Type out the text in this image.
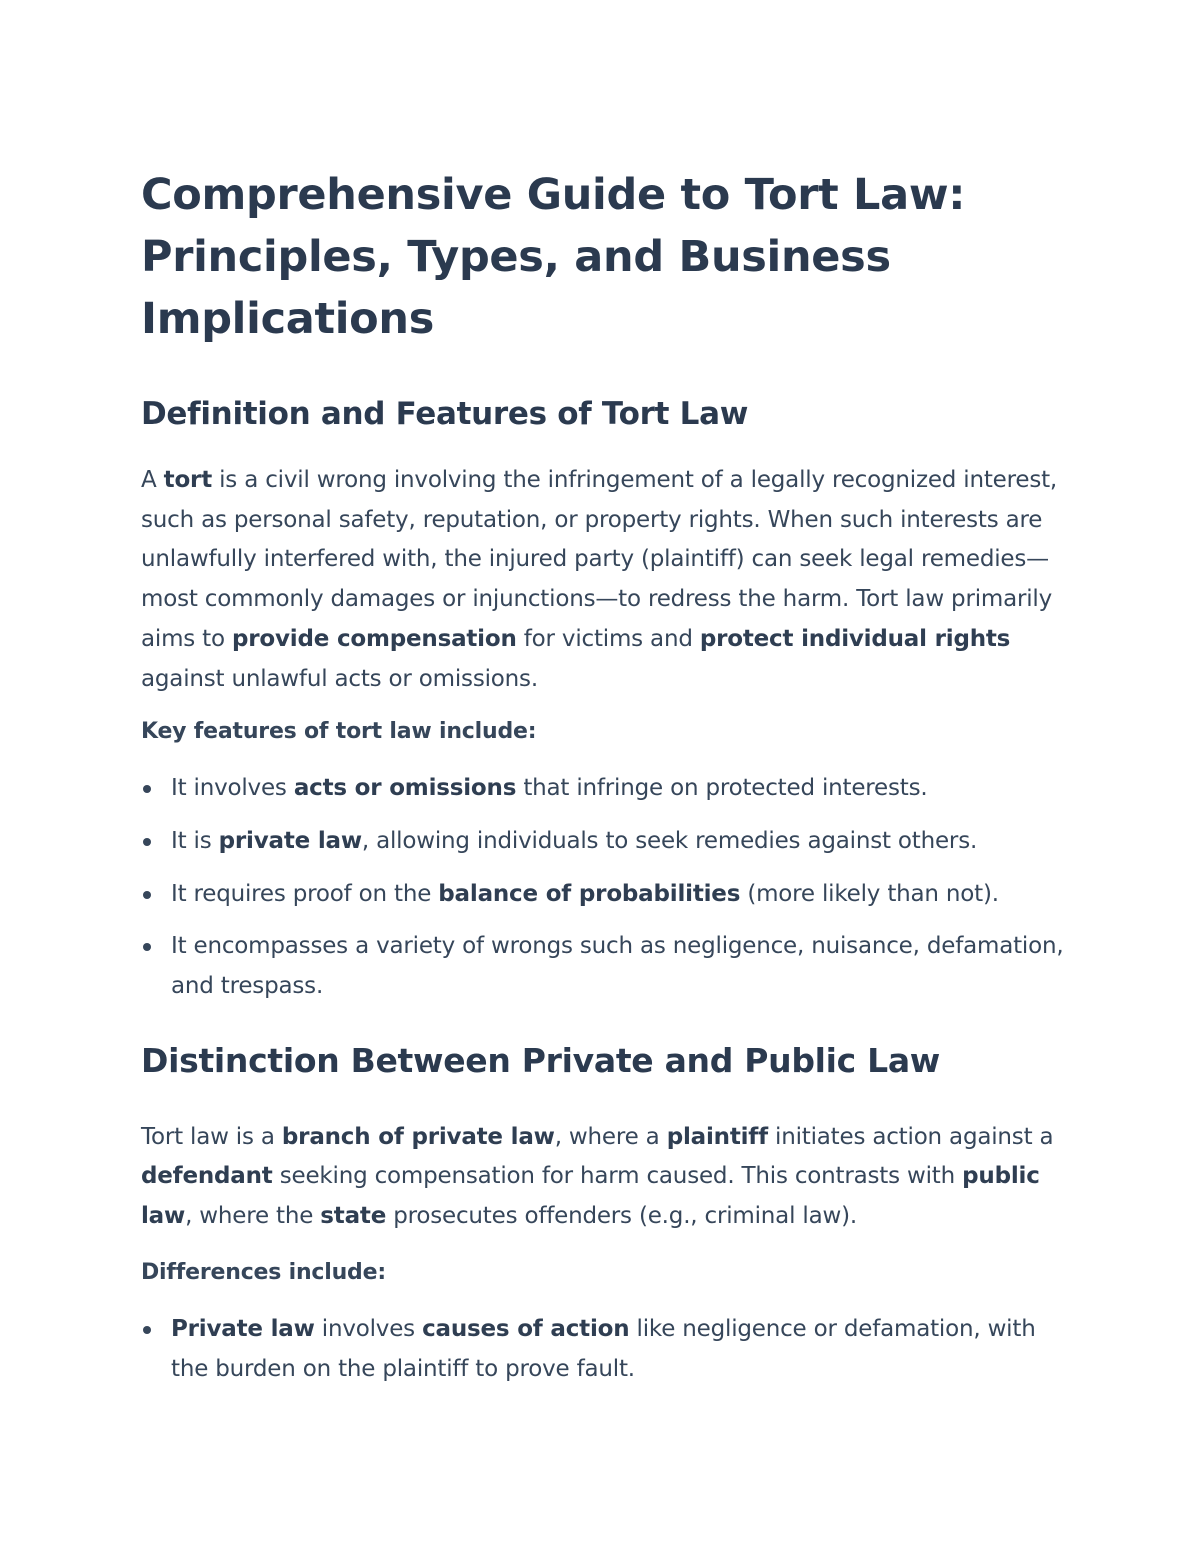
Comprehensive Guide to Tort Law: Principles, Types, and Business Implications
Definition and Features of Tort Law

A tort is a civil wrong involving the infringement of a legally recognized interest, such as personal safety, reputation, or property rights. When such interests are unlawfully interfered with, the injured party (plaintiff) can seek legal remedies—most commonly damages or injunctions—to redress the harm. Tort law primarily aims to provide compensation for victims and protect individual rights against unlawful acts or omissions.

Key features of tort law include:

It involves acts or omissions that infringe on protected interests.
It is private law, allowing individuals to seek remedies against others.
It requires proof on the balance of probabilities (more likely than not).
It encompasses a variety of wrongs such as negligence, nuisance, defamation, and trespass.
Distinction Between Private and Public Law

Tort law is a branch of private law, where a plaintiff initiates action against a defendant seeking compensation for harm caused. This contrasts with public law, where the state prosecutes offenders (e.g., criminal law).

Differences include:

Private law involves causes of action like negligence or defamation, with the burden on the plaintiff to prove fault.
